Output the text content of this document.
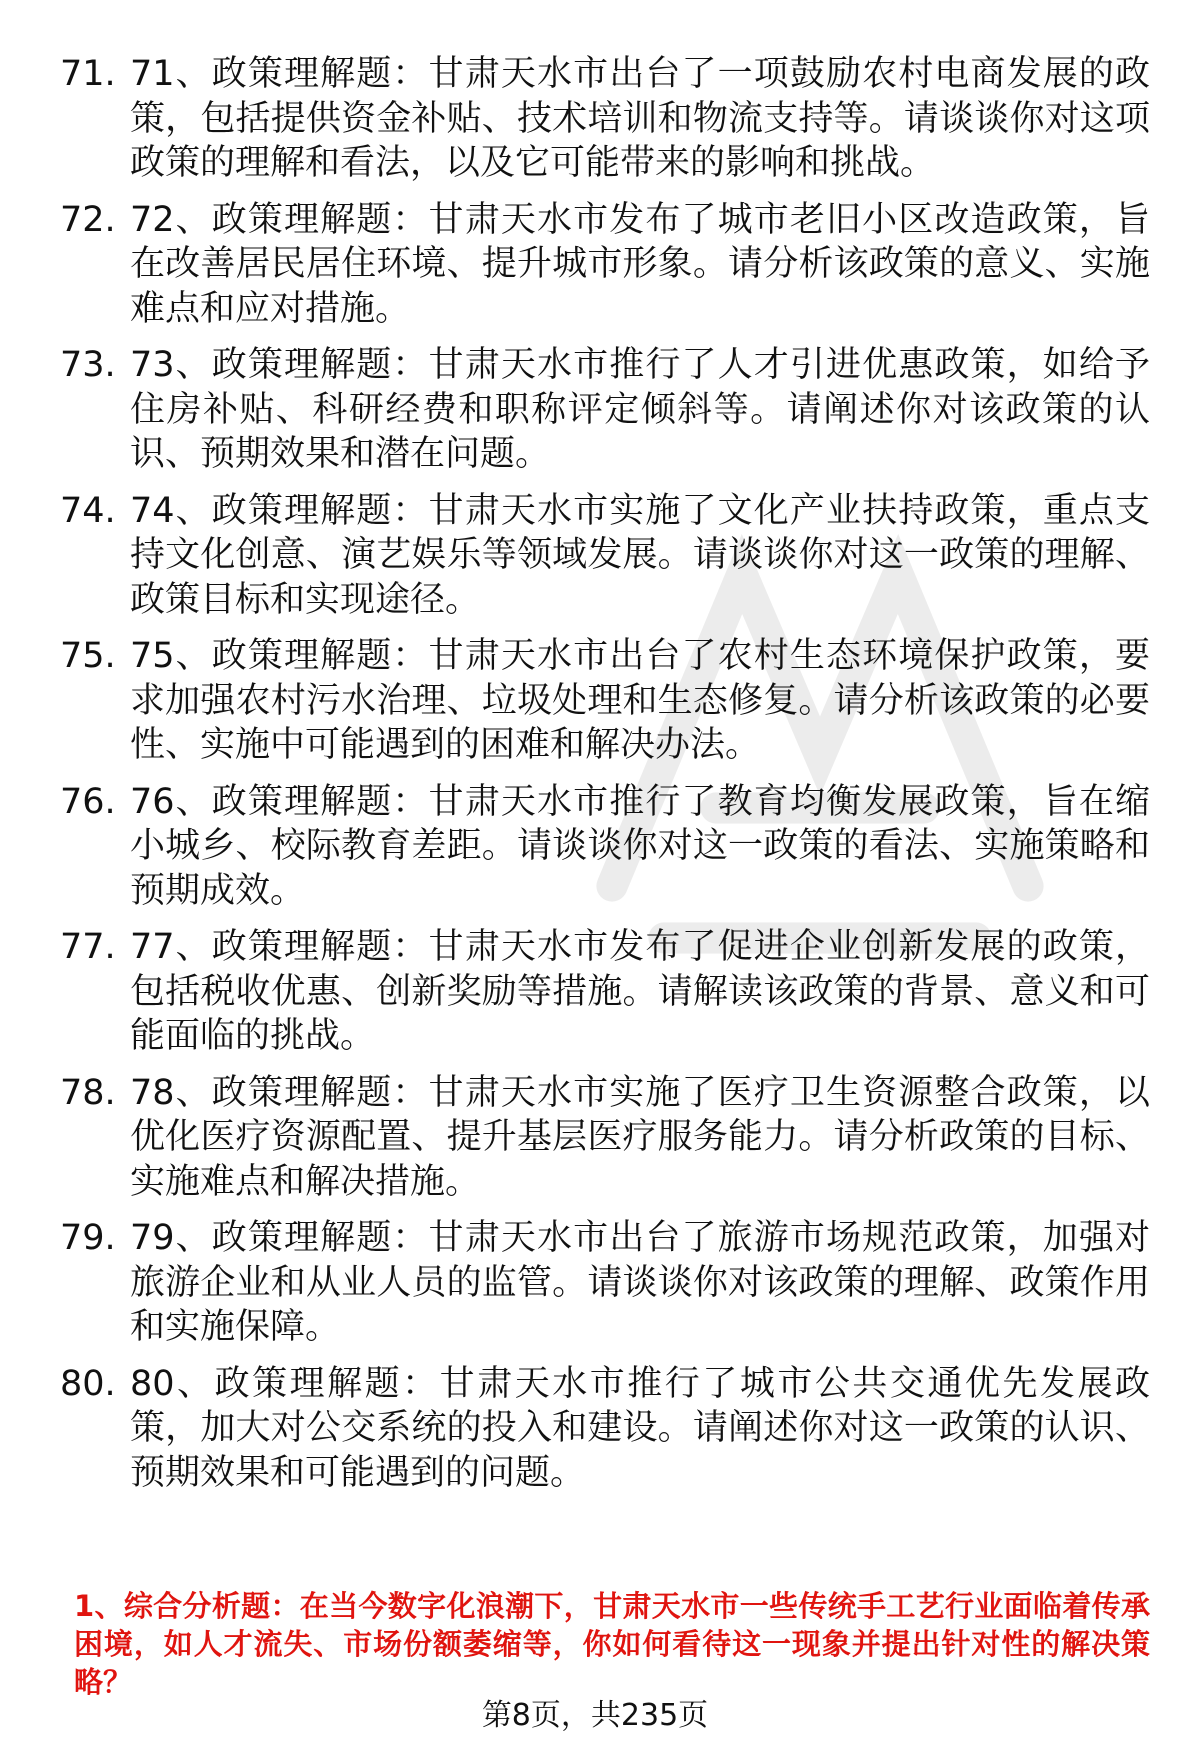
71. 71、政策理解题：甘肃天水市出台了一项鼓励农村电商发展的政策，包括提供资金补贴、技术培训和物流支持等。请谈谈你对这项政策的理解和看法，以及它可能带来的影响和挑战。
72. 72、政策理解题：甘肃天水市发布了城市老旧小区改造政策，旨在改善居民居住环境、提升城市形象。请分析该政策的意义、实施难点和应对措施。
73. 73、政策理解题：甘肃天水市推行了人才引进优惠政策，如给予住房补贴、科研经费和职称评定倾斜等。请阐述你对该政策的认识、预期效果和潜在问题。
74. 74、政策理解题：甘肃天水市实施了文化产业扶持政策，重点支持文化创意、演艺娱乐等领域发展。请谈谈你对这一政策的理解、政策目标和实现途径。
75. 75、政策理解题：甘肃天水市出台了农村生态环境保护政策，要求加强农村污水治理、垃圾处理和生态修复。请分析该政策的必要性、实施中可能遇到的困难和解决办法。
76. 76、政策理解题：甘肃天水市推行了教育均衡发展政策，旨在缩小城乡、校际教育差距。请谈谈你对这一政策的看法、实施策略和预期成效。
77. 77、政策理解题：甘肃天水市发布了促进企业创新发展的政策，包括税收优惠、创新奖励等措施。请解读该政策的背景、意义和可能面临的挑战。
78. 78、政策理解题：甘肃天水市实施了医疗卫生资源整合政策，以优化医疗资源配置、提升基层医疗服务能力。请分析政策的目标、实施难点和解决措施。
79. 79、政策理解题：甘肃天水市出台了旅游市场规范政策，加强对旅游企业和从业人员的监管。请谈谈你对该政策的理解、政策作用和实施保障。
80. 80、政策理解题：甘肃天水市推行了城市公共交通优先发展政策，加大对公交系统的投入和建设。请阐述你对这一政策的认识、预期效果和可能遇到的问题。
1、综合分析题：在当今数字化浪潮下，甘肃天水市一些传统手工艺行业面临着传承困境，如人才流失、市场份额萎缩等，你如何看待这一现象并提出针对性的解决策略？
第8页，共235页
